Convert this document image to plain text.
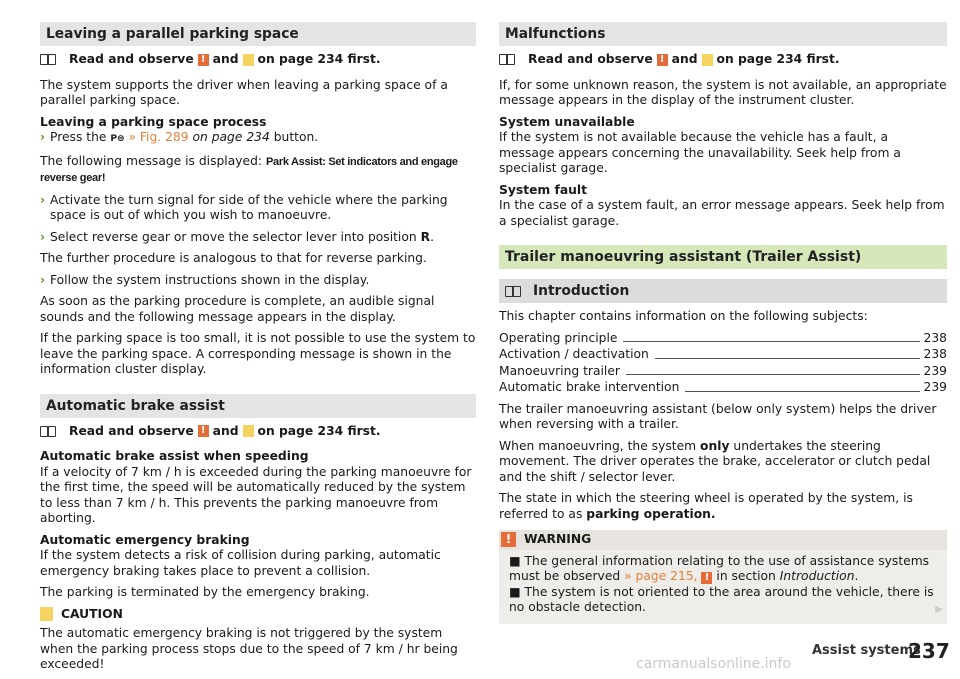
Leaving a parallel parking space
Read and observe ! and on page 234 first.

The system supports the driver when leaving a parking space of a parallel parking space.

Leaving a parking space process
› Press the P⊜ » Fig. 289 on page 234 button.

The following message is displayed: Park Assist: Set indicators and engage reverse gear!

› Activate the turn signal for side of the vehicle where the parking space is out of which you wish to manoeuvre.
› Select reverse gear or move the selector lever into position R.

The further procedure is analogous to that for reverse parking.

› Follow the system instructions shown in the display.

As soon as the parking procedure is complete, an audible signal sounds and the following message appears in the display.

If the parking space is too small, it is not possible to use the system to leave the parking space. A corresponding message is shown in the information cluster display.

Automatic brake assist
Read and observe ! and on page 234 first.
Automatic brake assist when speeding

If a velocity of 7 km / h is exceeded during the parking manoeuvre for the first time, the speed will be automatically reduced by the system to less than 7 km / h. This prevents the parking manoeuvre from aborting.

Automatic emergency braking

If the system detects a risk of collision during parking, automatic emergency braking takes place to prevent a collision.

The parking is terminated by the emergency braking.

CAUTION

The automatic emergency braking is not triggered by the system when the parking process stops due to the speed of 7 km / hr being exceeded!

Malfunctions
Read and observe ! and on page 234 first.

If, for some unknown reason, the system is not available, an appropriate message appears in the display of the instrument cluster.

System unavailable

If the system is not available because the vehicle has a fault, a message appears concerning the unavailability. Seek help from a specialist garage.

System fault

In the case of a system fault, an error message appears. Seek help from a specialist garage.

Trailer manoeuvring assistant (Trailer Assist)
Introduction

This chapter contains information on the following subjects:

Operating principle	238
Activation / deactivation	238
Manoeuvring trailer	239
Automatic brake intervention	239

The trailer manoeuvring assistant (below only system) helps the driver when reversing with a trailer.

When manoeuvring, the system only undertakes the steering movement. The driver operates the brake, accelerator or clutch pedal and the shift / selector lever.

The state in which the steering wheel is operated by the system, is referred to as parking operation.

!	WARNING
■ The general information relating to the use of assistance systems must be observed » page 215, ! in section Introduction.
■ The system is not oriented to the area around the vehicle, there is no obstacle detection.	▶
carmanualsonline.info
Assist systems
237
